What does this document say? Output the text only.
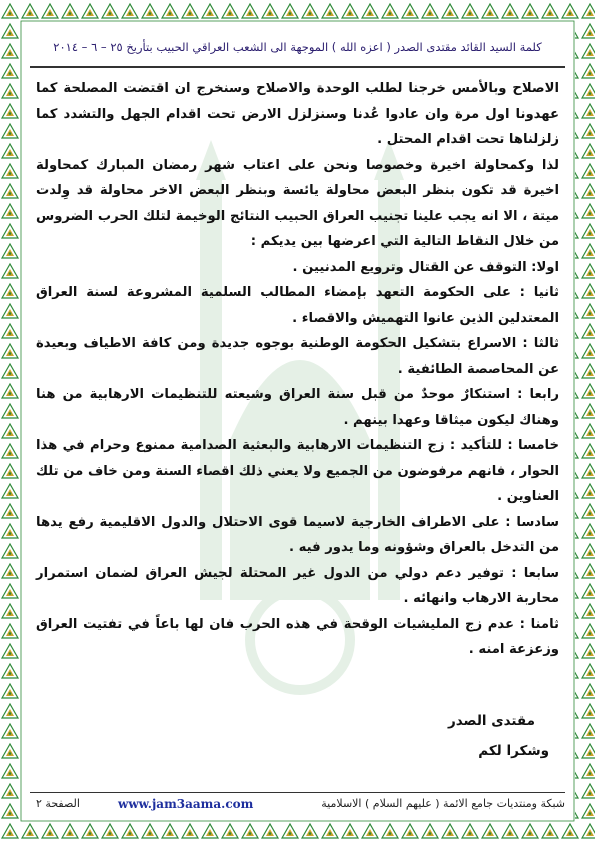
كلمة السيد القائد مقتدى الصدر ( اعزه الله ) الموجهة الى الشعب العراقي الحبيب بتأريخ ٢٥ – ٦ – ٢٠١٤

الاصلاح وبالأمس خرجنا لطلب الوحدة والاصلاح وسنخرج ان اقتضت المصلحة كما عهدونا اول مرة وان عادوا عُدنا وسنزلزل الارض تحت اقدام الجهل والتشدد كما زلزلناها تحت اقدام المحتل .

لذا وكمحاولة اخيرة وخصوصا ونحن على اعتاب شهر رمضان المبارك كمحاولة اخيرة قد تكون بنظر البعض محاولة يائسة وبنظر البعض الاخر محاولة قد وِلدت ميتة ، الا انه يجب علينا تجنيب العراق الحبيب النتائج الوخيمة لتلك الحرب الضروس من خلال النقاط التالية التي اعرضها بين يديكم :

اولا: التوقف عن القتال وترويع المدنيين .

ثانيا : على الحكومة التعهد بإمضاء المطالب السلمية المشروعة لسنة العراق المعتدلين الذين عانوا التهميش والاقصاء .

ثالثا : الاسراع بتشكيل الحكومة الوطنية بوجوه جديدة ومن كافة الاطياف وبعيدة عن المحاصصة الطائفية .

رابعا : استنكارٌ موحدٌ من قبل سنة العراق وشيعته للتنظيمات الارهابية من هنا وهناك ليكون ميثاقا وعهدا بينهم .

خامسا : للتأكيد : زج التنظيمات الارهابية والبعثية الصدامية ممنوع وحرام في هذا الحوار ، فانهم مرفوضون من الجميع ولا يعني ذلك اقصاء السنة ومن خاف من تلك العناوين .

سادسا : على الاطراف الخارجية لاسيما قوى الاحتلال والدول الاقليمية رفع يدها من التدخل بالعراق وشؤونه وما يدور فيه .

سابعا : توفير دعم دولي من الدول غير المحتلة لجيش العراق لضمان استمرار محاربة الارهاب وانهائه .

ثامنا : عدم زج المليشيات الوقحة في هذه الحرب فان لها باعاً في تفتيت العراق وزعزعة امنه .

مقتدى الصدر
وشكرا لكم
شبكة ومنتديات جامع الائمة ( عليهم السلام ) الاسلامية
www.jam3aama.com
الصفحة ٢
